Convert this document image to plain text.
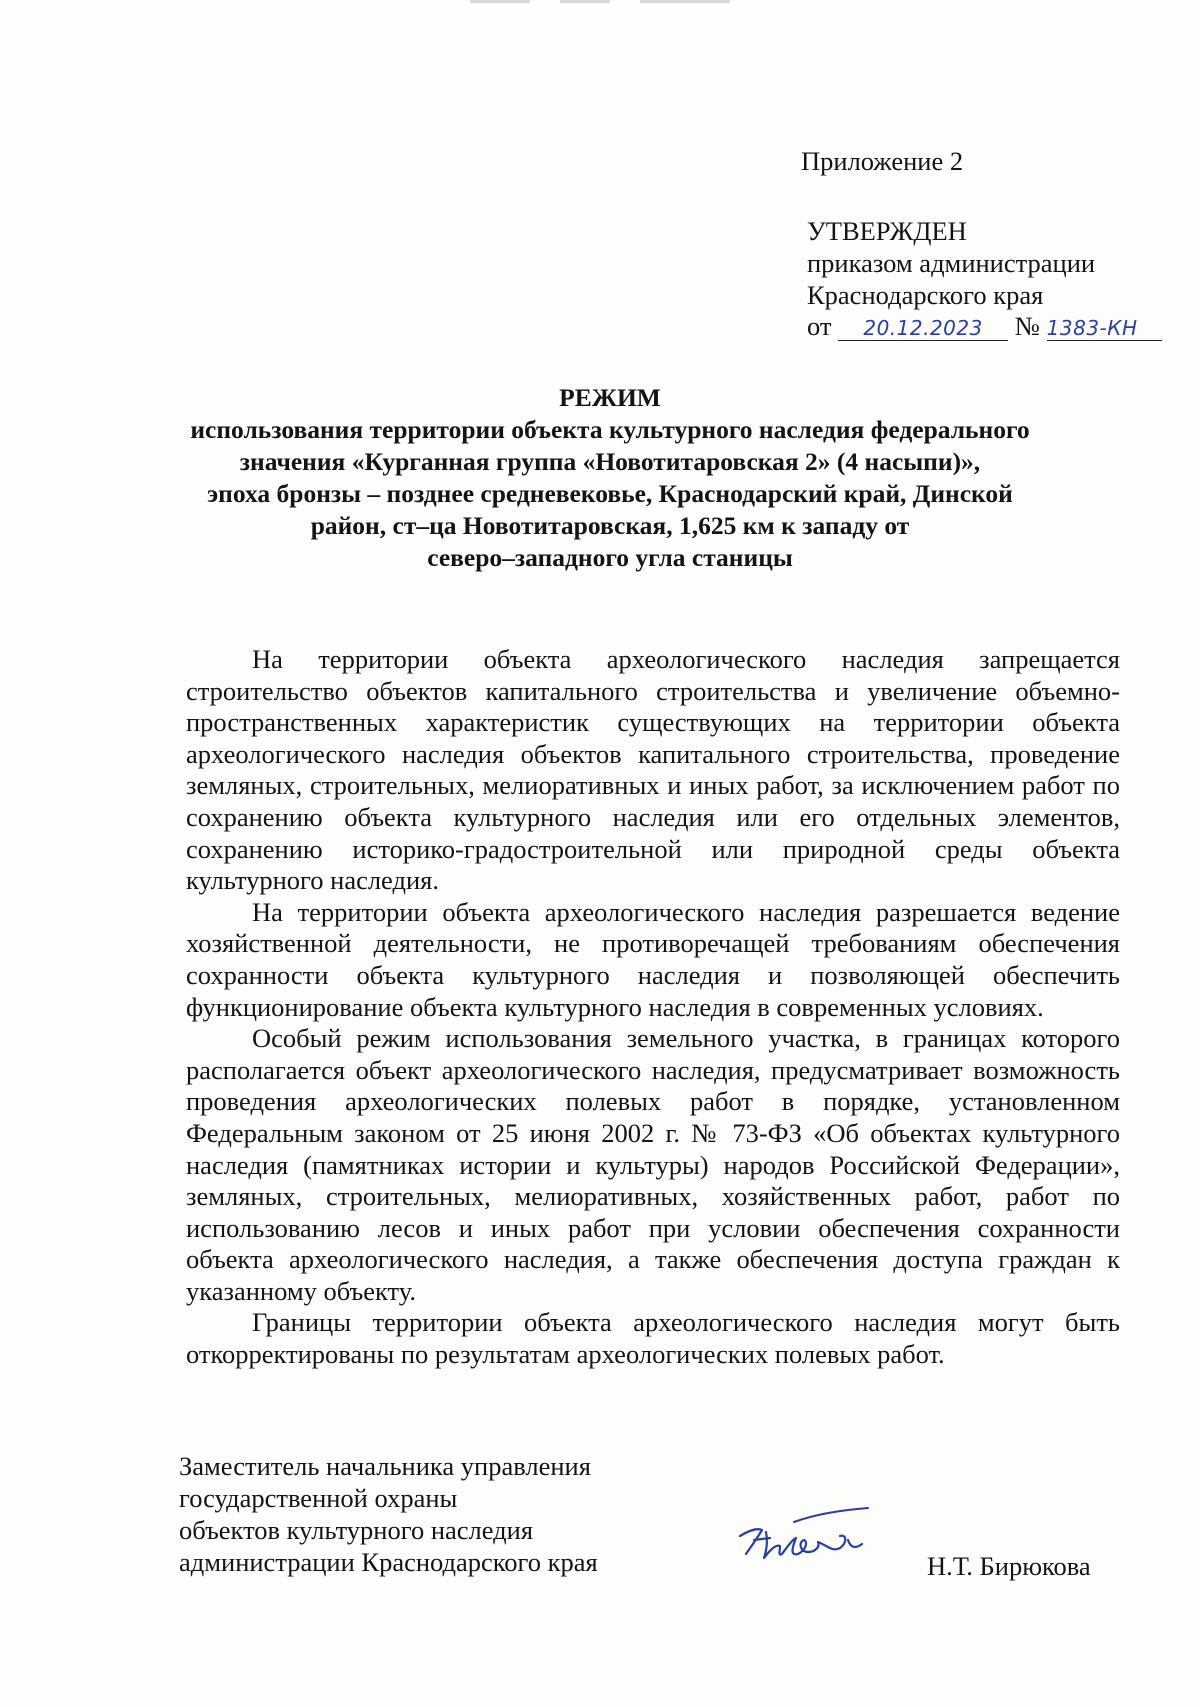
Приложение 2
УТВЕРЖДЕН
приказом администрации
Краснодарского края
от 20.12.2023 № 1383-КН
РЕЖИМ
использования территории объекта культурного наследия федерального
значения «Курганная группа «Новотитаровская 2» (4 насыпи)»,
эпоха бронзы – позднее средневековье, Краснодарский край, Динской
район, ст–ца Новотитаровская, 1,625 км к западу от
северо–западного угла станицы

На территории объекта археологического наследия запрещается строительство объектов капитального строительства и увеличение объемно-пространственных характеристик существующих на территории объекта археологического наследия объектов капитального строительства, проведение земляных, строительных, мелиоративных и иных работ, за исключением работ по сохранению объекта культурного наследия или его отдельных элементов, сохранению историко-градостроительной или природной среды объекта культурного наследия.

На территории объекта археологического наследия разрешается ведение хозяйственной деятельности, не противоречащей требованиям обеспечения сохранности объекта культурного наследия и позволяющей обеспечить функционирование объекта культурного наследия в современных условиях.

Особый режим использования земельного участка, в границах которого располагается объект археологического наследия, предусматривает возможность проведения археологических полевых работ в порядке, установленном Федеральным законом от 25 июня 2002 г. № 73-ФЗ «Об объектах культурного наследия (памятниках истории и культуры) народов Российской Федерации», земляных, строительных, мелиоративных, хозяйственных работ, работ по использованию лесов и иных работ при условии обеспечения сохранности объекта археологического наследия, а также обеспечения доступа граждан к указанному объекту.

Границы территории объекта археологического наследия могут быть откорректированы по результатам археологических полевых работ.

Заместитель начальника управления
государственной охраны
объектов культурного наследия
администрации Краснодарского края	Н.Т. Бирюкова
